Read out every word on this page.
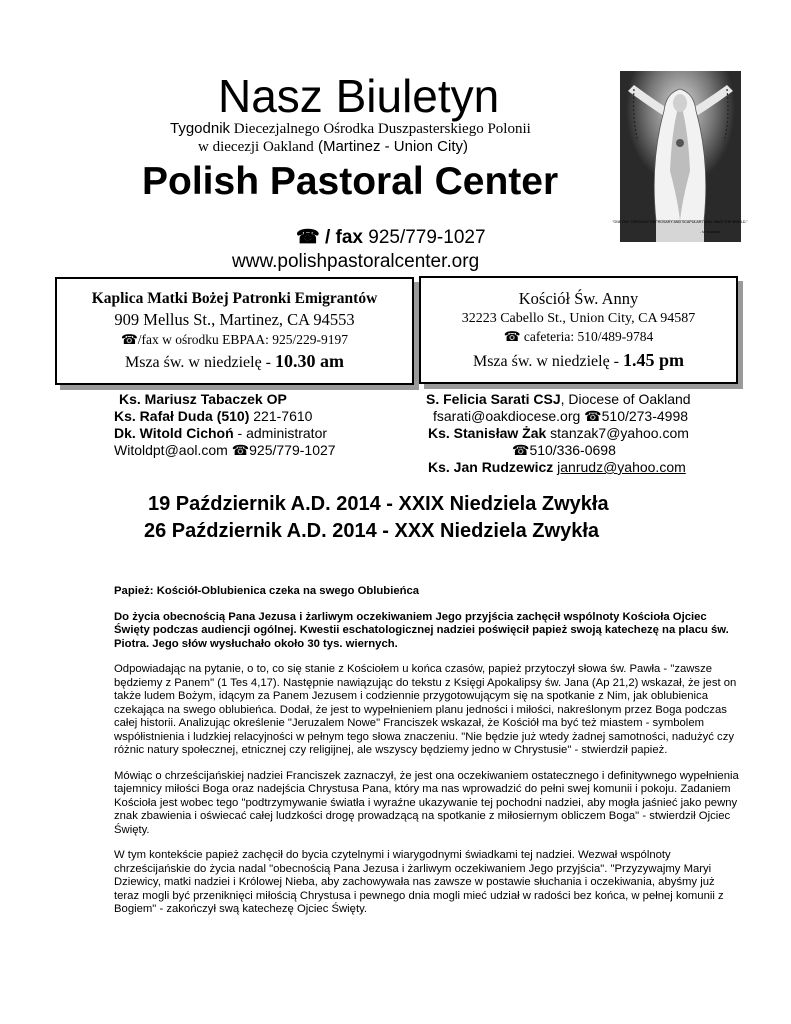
Nasz Biuletyn
Tygodnik Diecezjalnego Ośrodka Duszpasterskiego Polonii
w diecezji Oakland (Martinez - Union City)
Polish Pastoral Center
☎ / fax 925/779-1027
www.polishpastoralcenter.org
"ONE DAY THROUGH THE ROSARY AND SCAPULAR I WILL SAVE THE WORLD."
- ST. DOMINIC
Kaplica Matki Bożej Patronki Emigrantów
909 Mellus St., Martinez, CA 94553
☎/fax w ośrodku EBPAA: 925/229-9197
Msza św. w niedzielę - 10.30 am
Kościół Św. Anny
32223 Cabello St., Union City, CA 94587
☎ cafeteria: 510/489-9784
Msza św. w niedzielę - 1.45 pm
Ks. Mariusz Tabaczek OP
Ks. Rafał Duda (510) 221-7610
Dk. Witold Cichoń - administrator
Witoldpt@aol.com ☎925/779-1027
S. Felicia Sarati CSJ, Diocese of Oakland
fsarati@oakdiocese.org ☎510/273-4998
Ks. Stanisław Żak stanzak7@yahoo.com
☎510/336-0698
Ks. Jan Rudzewicz janrudz@yahoo.com
19 Październik A.D. 2014 - XXIX Niedziela Zwykła
26 Październik A.D. 2014 - XXX Niedziela Zwykła

Papież: Kościół-Oblubienica czeka na swego Oblubieńca

Do życia obecnością Pana Jezusa i żarliwym oczekiwaniem Jego przyjścia zachęcił wspólnoty Kościoła Ojciec Święty podczas audiencji ogólnej. Kwestii eschatologicznej nadziei poświęcił papież swoją katechezę na placu św. Piotra. Jego słów wysłuchało około 30 tys. wiernych.

Odpowiadając na pytanie, o to, co się stanie z Kościołem u końca czasów, papież przytoczył słowa św. Pawła - "zawsze będziemy z Panem" (1 Tes 4,17). Następnie nawiązując do tekstu z Księgi Apokalipsy św. Jana (Ap 21,2) wskazał, że jest on także ludem Bożym, idącym za Panem Jezusem i codziennie przygotowującym się na spotkanie z Nim, jak oblubienica czekająca na swego oblubieńca. Dodał, że jest to wypełnieniem planu jedności i miłości, nakreślonym przez Boga podczas całej historii. Analizując określenie "Jeruzalem Nowe" Franciszek wskazał, że Kościół ma być też miastem - symbolem współistnienia i ludzkiej relacyjności w pełnym tego słowa znaczeniu. "Nie będzie już wtedy żadnej samotności, nadużyć czy różnic natury społecznej, etnicznej czy religijnej, ale wszyscy będziemy jedno w Chrystusie" - stwierdził papież.

Mówiąc o chrześcijańskiej nadziei Franciszek zaznaczył, że jest ona oczekiwaniem ostatecznego i definitywnego wypełnienia tajemnicy miłości Boga oraz nadejścia Chrystusa Pana, który ma nas wprowadzić do pełni swej komunii i pokoju. Zadaniem Kościoła jest wobec tego "podtrzymywanie światła i wyraźne ukazywanie tej pochodni nadziei, aby mogła jaśnieć jako pewny znak zbawienia i oświecać całej ludzkości drogę prowadzącą na spotkanie z miłosiernym obliczem Boga" - stwierdził Ojciec Święty.

W tym kontekście papież zachęcił do bycia czytelnymi i wiarygodnymi świadkami tej nadziei. Wezwał wspólnoty chrześcijańskie do życia nadal "obecnością Pana Jezusa i żarliwym oczekiwaniem Jego przyjścia". "Przyzywajmy Maryi Dziewicy, matki nadziei i Królowej Nieba, aby zachowywała nas zawsze w postawie słuchania i oczekiwania, abyśmy już teraz mogli być przeniknięci miłością Chrystusa i pewnego dnia mogli mieć udział w radości bez końca, w pełnej komunii z Bogiem" - zakończył swą katechezę Ojciec Święty.
